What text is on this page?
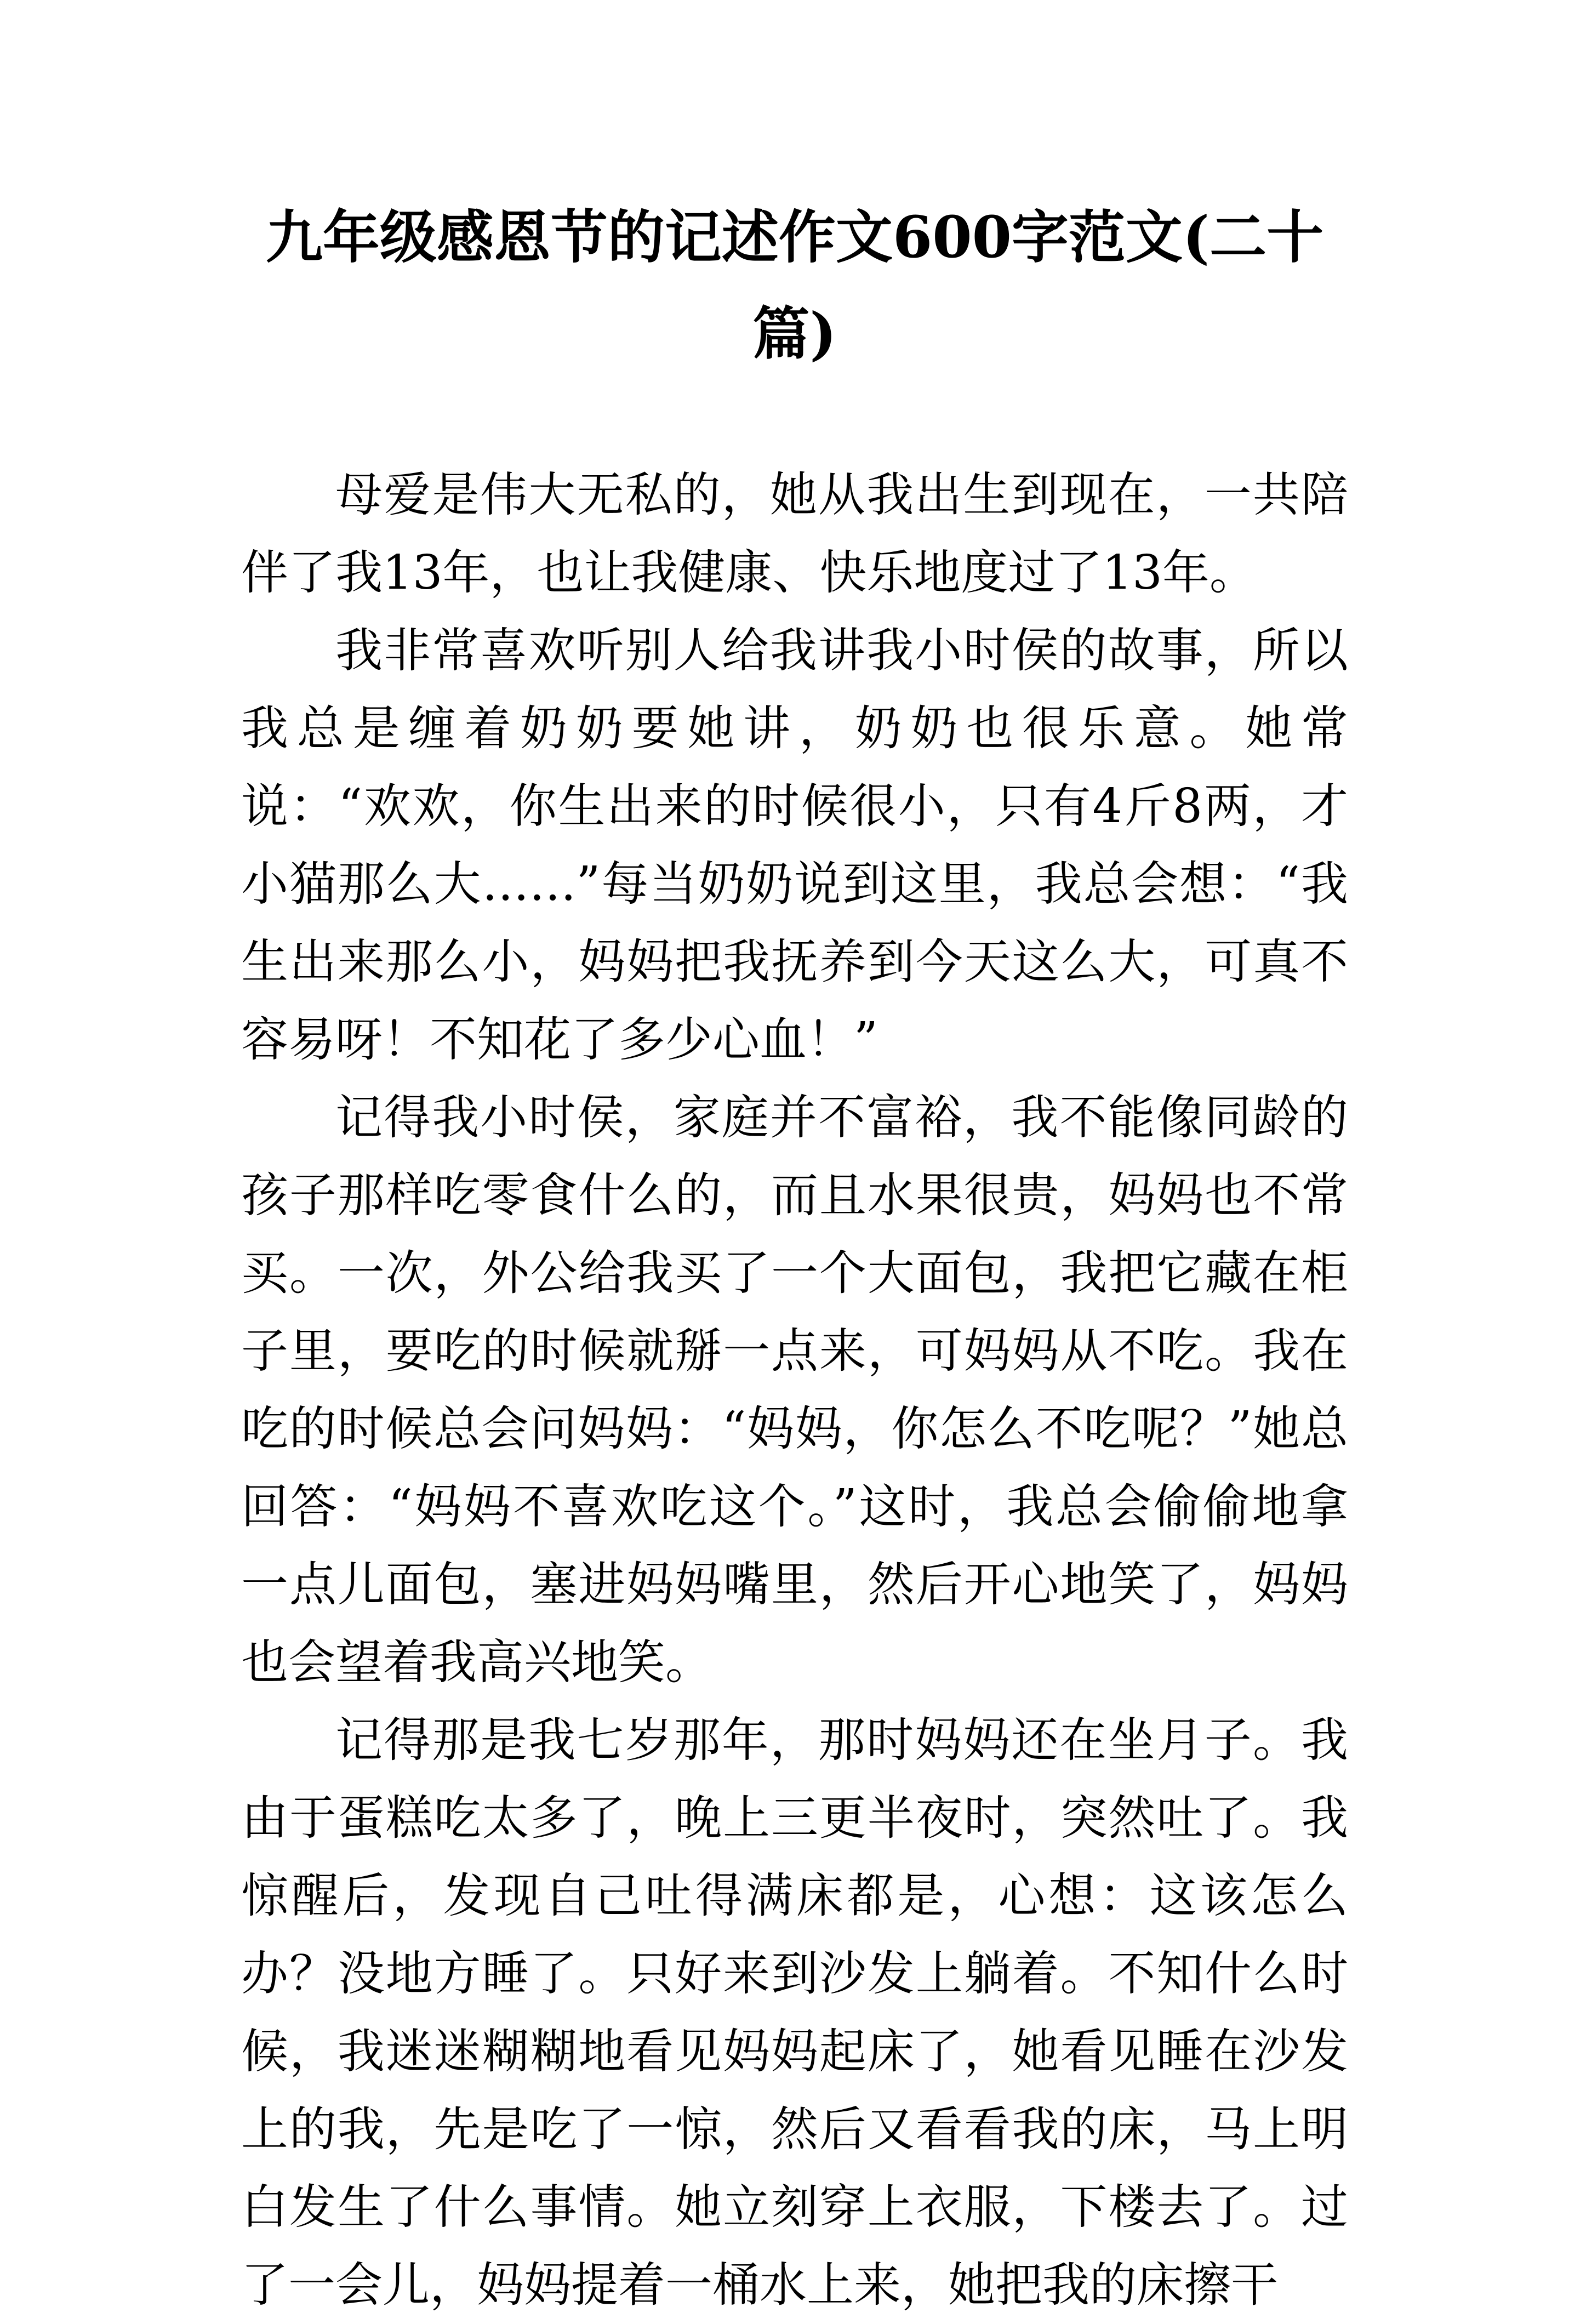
九年级感恩节的记述作文600字范文(二十篇)

母爱是伟大无私的，她从我出生到现在，一共陪伴了我13年，也让我健康、快乐地度过了13年。

我非常喜欢听别人给我讲我小时侯的故事，所以我总是缠着奶奶要她讲，奶奶也很乐意。她常说：“欢欢，你生出来的时候很小，只有4斤8两，才小猫那么大……”每当奶奶说到这里，我总会想：“我生出来那么小，妈妈把我抚养到今天这么大，可真不容易呀！不知花了多少心血！”

记得我小时侯，家庭并不富裕，我不能像同龄的孩子那样吃零食什么的，而且水果很贵，妈妈也不常买。一次，外公给我买了一个大面包，我把它藏在柜子里，要吃的时候就掰一点来，可妈妈从不吃。我在吃的时候总会问妈妈：“妈妈，你怎么不吃呢？”她总回答：“妈妈不喜欢吃这个。”这时，我总会偷偷地拿一点儿面包，塞进妈妈嘴里，然后开心地笑了，妈妈也会望着我高兴地笑。

记得那是我七岁那年，那时妈妈还在坐月子。我由于蛋糕吃太多了，晚上三更半夜时，突然吐了。我惊醒后，发现自己吐得满床都是，心想：这该怎么办？没地方睡了。只好来到沙发上躺着。不知什么时候，我迷迷糊糊地看见妈妈起床了，她看见睡在沙发上的我，先是吃了一惊，然后又看看我的床，马上明白发生了什么事情。她立刻穿上衣服，下楼去了。过了一会儿，妈妈提着一桶水上来，她把我的床擦干
